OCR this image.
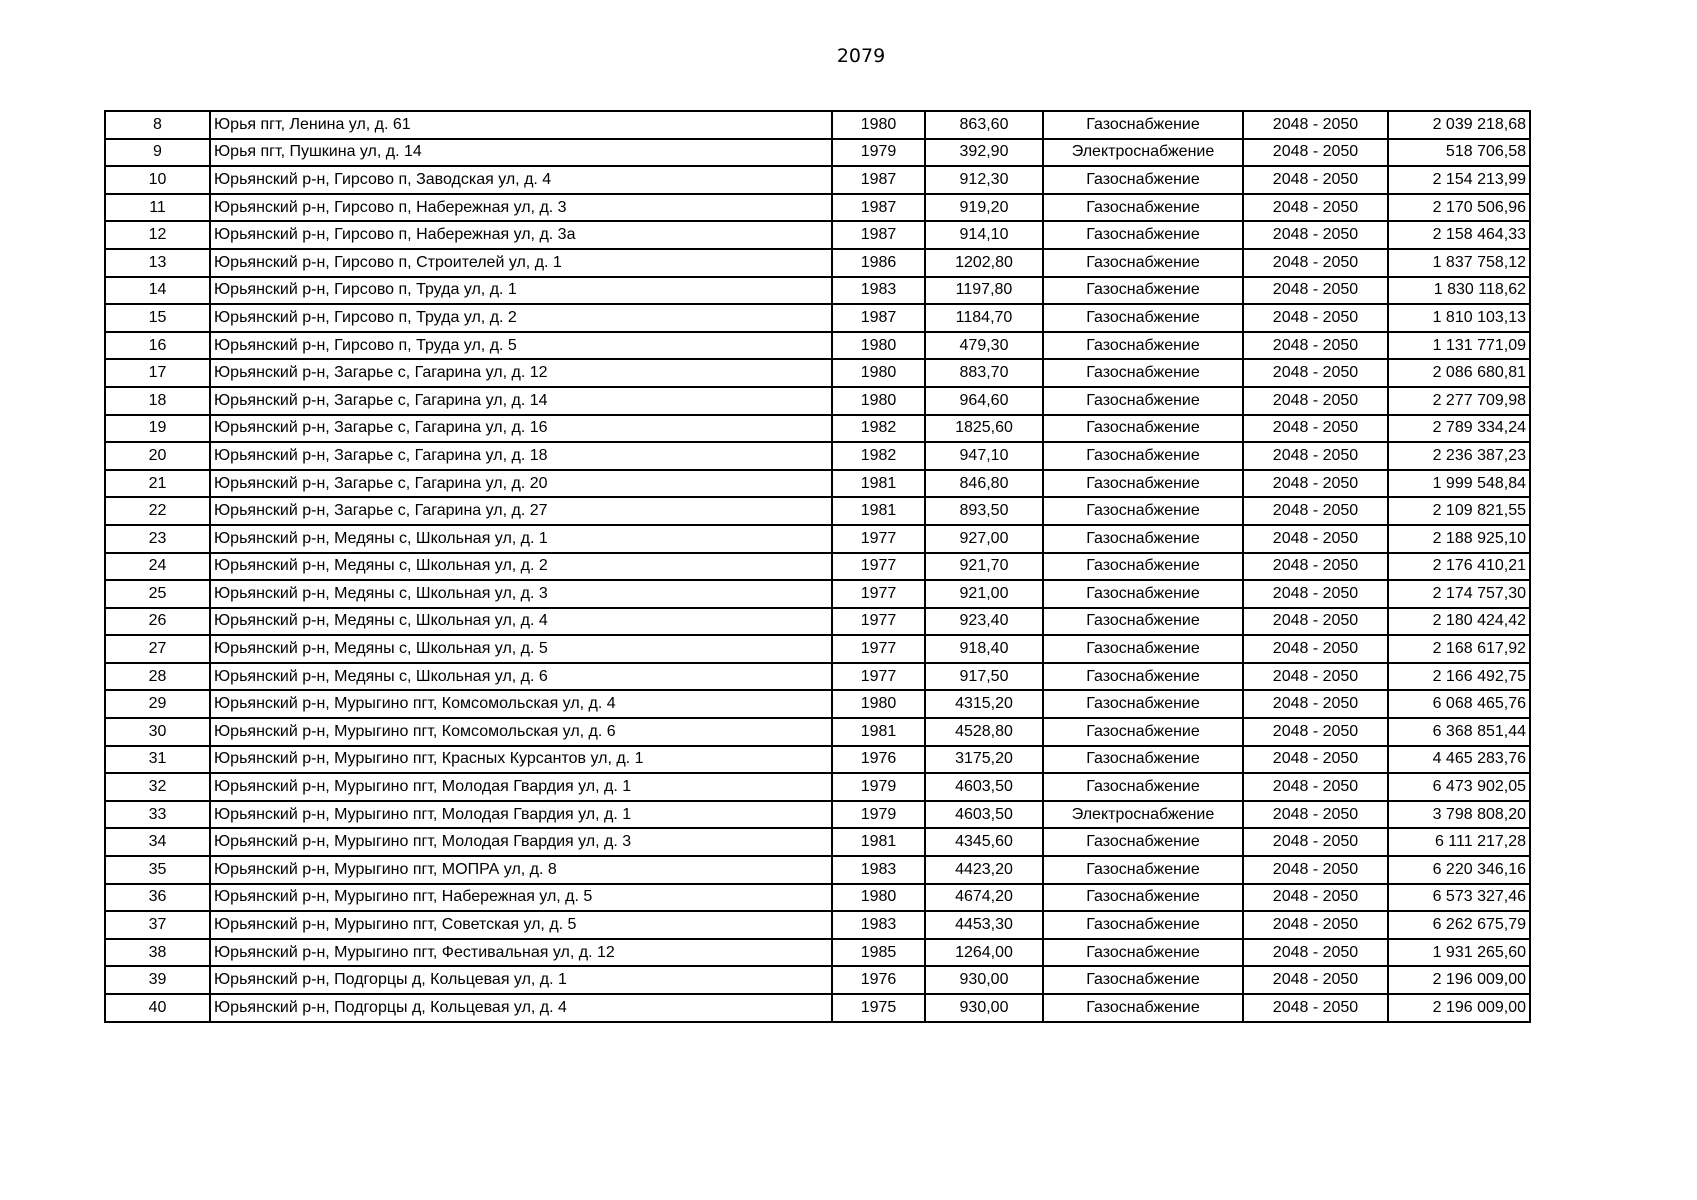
2079
8	Юрья пгт, Ленина ул, д. 61	1980	863,60	Газоснабжение	2048 - 2050	2 039 218,68
9	Юрья пгт, Пушкина ул, д. 14	1979	392,90	Электроснабжение	2048 - 2050	518 706,58
10	Юрьянский р-н, Гирсово п, Заводская ул, д. 4	1987	912,30	Газоснабжение	2048 - 2050	2 154 213,99
11	Юрьянский р-н, Гирсово п, Набережная ул, д. 3	1987	919,20	Газоснабжение	2048 - 2050	2 170 506,96
12	Юрьянский р-н, Гирсово п, Набережная ул, д. 3а	1987	914,10	Газоснабжение	2048 - 2050	2 158 464,33
13	Юрьянский р-н, Гирсово п, Строителей ул, д. 1	1986	1202,80	Газоснабжение	2048 - 2050	1 837 758,12
14	Юрьянский р-н, Гирсово п, Труда ул, д. 1	1983	1197,80	Газоснабжение	2048 - 2050	1 830 118,62
15	Юрьянский р-н, Гирсово п, Труда ул, д. 2	1987	1184,70	Газоснабжение	2048 - 2050	1 810 103,13
16	Юрьянский р-н, Гирсово п, Труда ул, д. 5	1980	479,30	Газоснабжение	2048 - 2050	1 131 771,09
17	Юрьянский р-н, Загарье с, Гагарина ул, д. 12	1980	883,70	Газоснабжение	2048 - 2050	2 086 680,81
18	Юрьянский р-н, Загарье с, Гагарина ул, д. 14	1980	964,60	Газоснабжение	2048 - 2050	2 277 709,98
19	Юрьянский р-н, Загарье с, Гагарина ул, д. 16	1982	1825,60	Газоснабжение	2048 - 2050	2 789 334,24
20	Юрьянский р-н, Загарье с, Гагарина ул, д. 18	1982	947,10	Газоснабжение	2048 - 2050	2 236 387,23
21	Юрьянский р-н, Загарье с, Гагарина ул, д. 20	1981	846,80	Газоснабжение	2048 - 2050	1 999 548,84
22	Юрьянский р-н, Загарье с, Гагарина ул, д. 27	1981	893,50	Газоснабжение	2048 - 2050	2 109 821,55
23	Юрьянский р-н, Медяны с, Школьная ул, д. 1	1977	927,00	Газоснабжение	2048 - 2050	2 188 925,10
24	Юрьянский р-н, Медяны с, Школьная ул, д. 2	1977	921,70	Газоснабжение	2048 - 2050	2 176 410,21
25	Юрьянский р-н, Медяны с, Школьная ул, д. 3	1977	921,00	Газоснабжение	2048 - 2050	2 174 757,30
26	Юрьянский р-н, Медяны с, Школьная ул, д. 4	1977	923,40	Газоснабжение	2048 - 2050	2 180 424,42
27	Юрьянский р-н, Медяны с, Школьная ул, д. 5	1977	918,40	Газоснабжение	2048 - 2050	2 168 617,92
28	Юрьянский р-н, Медяны с, Школьная ул, д. 6	1977	917,50	Газоснабжение	2048 - 2050	2 166 492,75
29	Юрьянский р-н, Мурыгино пгт, Комсомольская ул, д. 4	1980	4315,20	Газоснабжение	2048 - 2050	6 068 465,76
30	Юрьянский р-н, Мурыгино пгт, Комсомольская ул, д. 6	1981	4528,80	Газоснабжение	2048 - 2050	6 368 851,44
31	Юрьянский р-н, Мурыгино пгт, Красных Курсантов ул, д. 1	1976	3175,20	Газоснабжение	2048 - 2050	4 465 283,76
32	Юрьянский р-н, Мурыгино пгт, Молодая Гвардия ул, д. 1	1979	4603,50	Газоснабжение	2048 - 2050	6 473 902,05
33	Юрьянский р-н, Мурыгино пгт, Молодая Гвардия ул, д. 1	1979	4603,50	Электроснабжение	2048 - 2050	3 798 808,20
34	Юрьянский р-н, Мурыгино пгт, Молодая Гвардия ул, д. 3	1981	4345,60	Газоснабжение	2048 - 2050	6 111 217,28
35	Юрьянский р-н, Мурыгино пгт, МОПРА ул, д. 8	1983	4423,20	Газоснабжение	2048 - 2050	6 220 346,16
36	Юрьянский р-н, Мурыгино пгт, Набережная ул, д. 5	1980	4674,20	Газоснабжение	2048 - 2050	6 573 327,46
37	Юрьянский р-н, Мурыгино пгт, Советская ул, д. 5	1983	4453,30	Газоснабжение	2048 - 2050	6 262 675,79
38	Юрьянский р-н, Мурыгино пгт, Фестивальная ул, д. 12	1985	1264,00	Газоснабжение	2048 - 2050	1 931 265,60
39	Юрьянский р-н, Подгорцы д, Кольцевая ул, д. 1	1976	930,00	Газоснабжение	2048 - 2050	2 196 009,00
40	Юрьянский р-н, Подгорцы д, Кольцевая ул, д. 4	1975	930,00	Газоснабжение	2048 - 2050	2 196 009,00
